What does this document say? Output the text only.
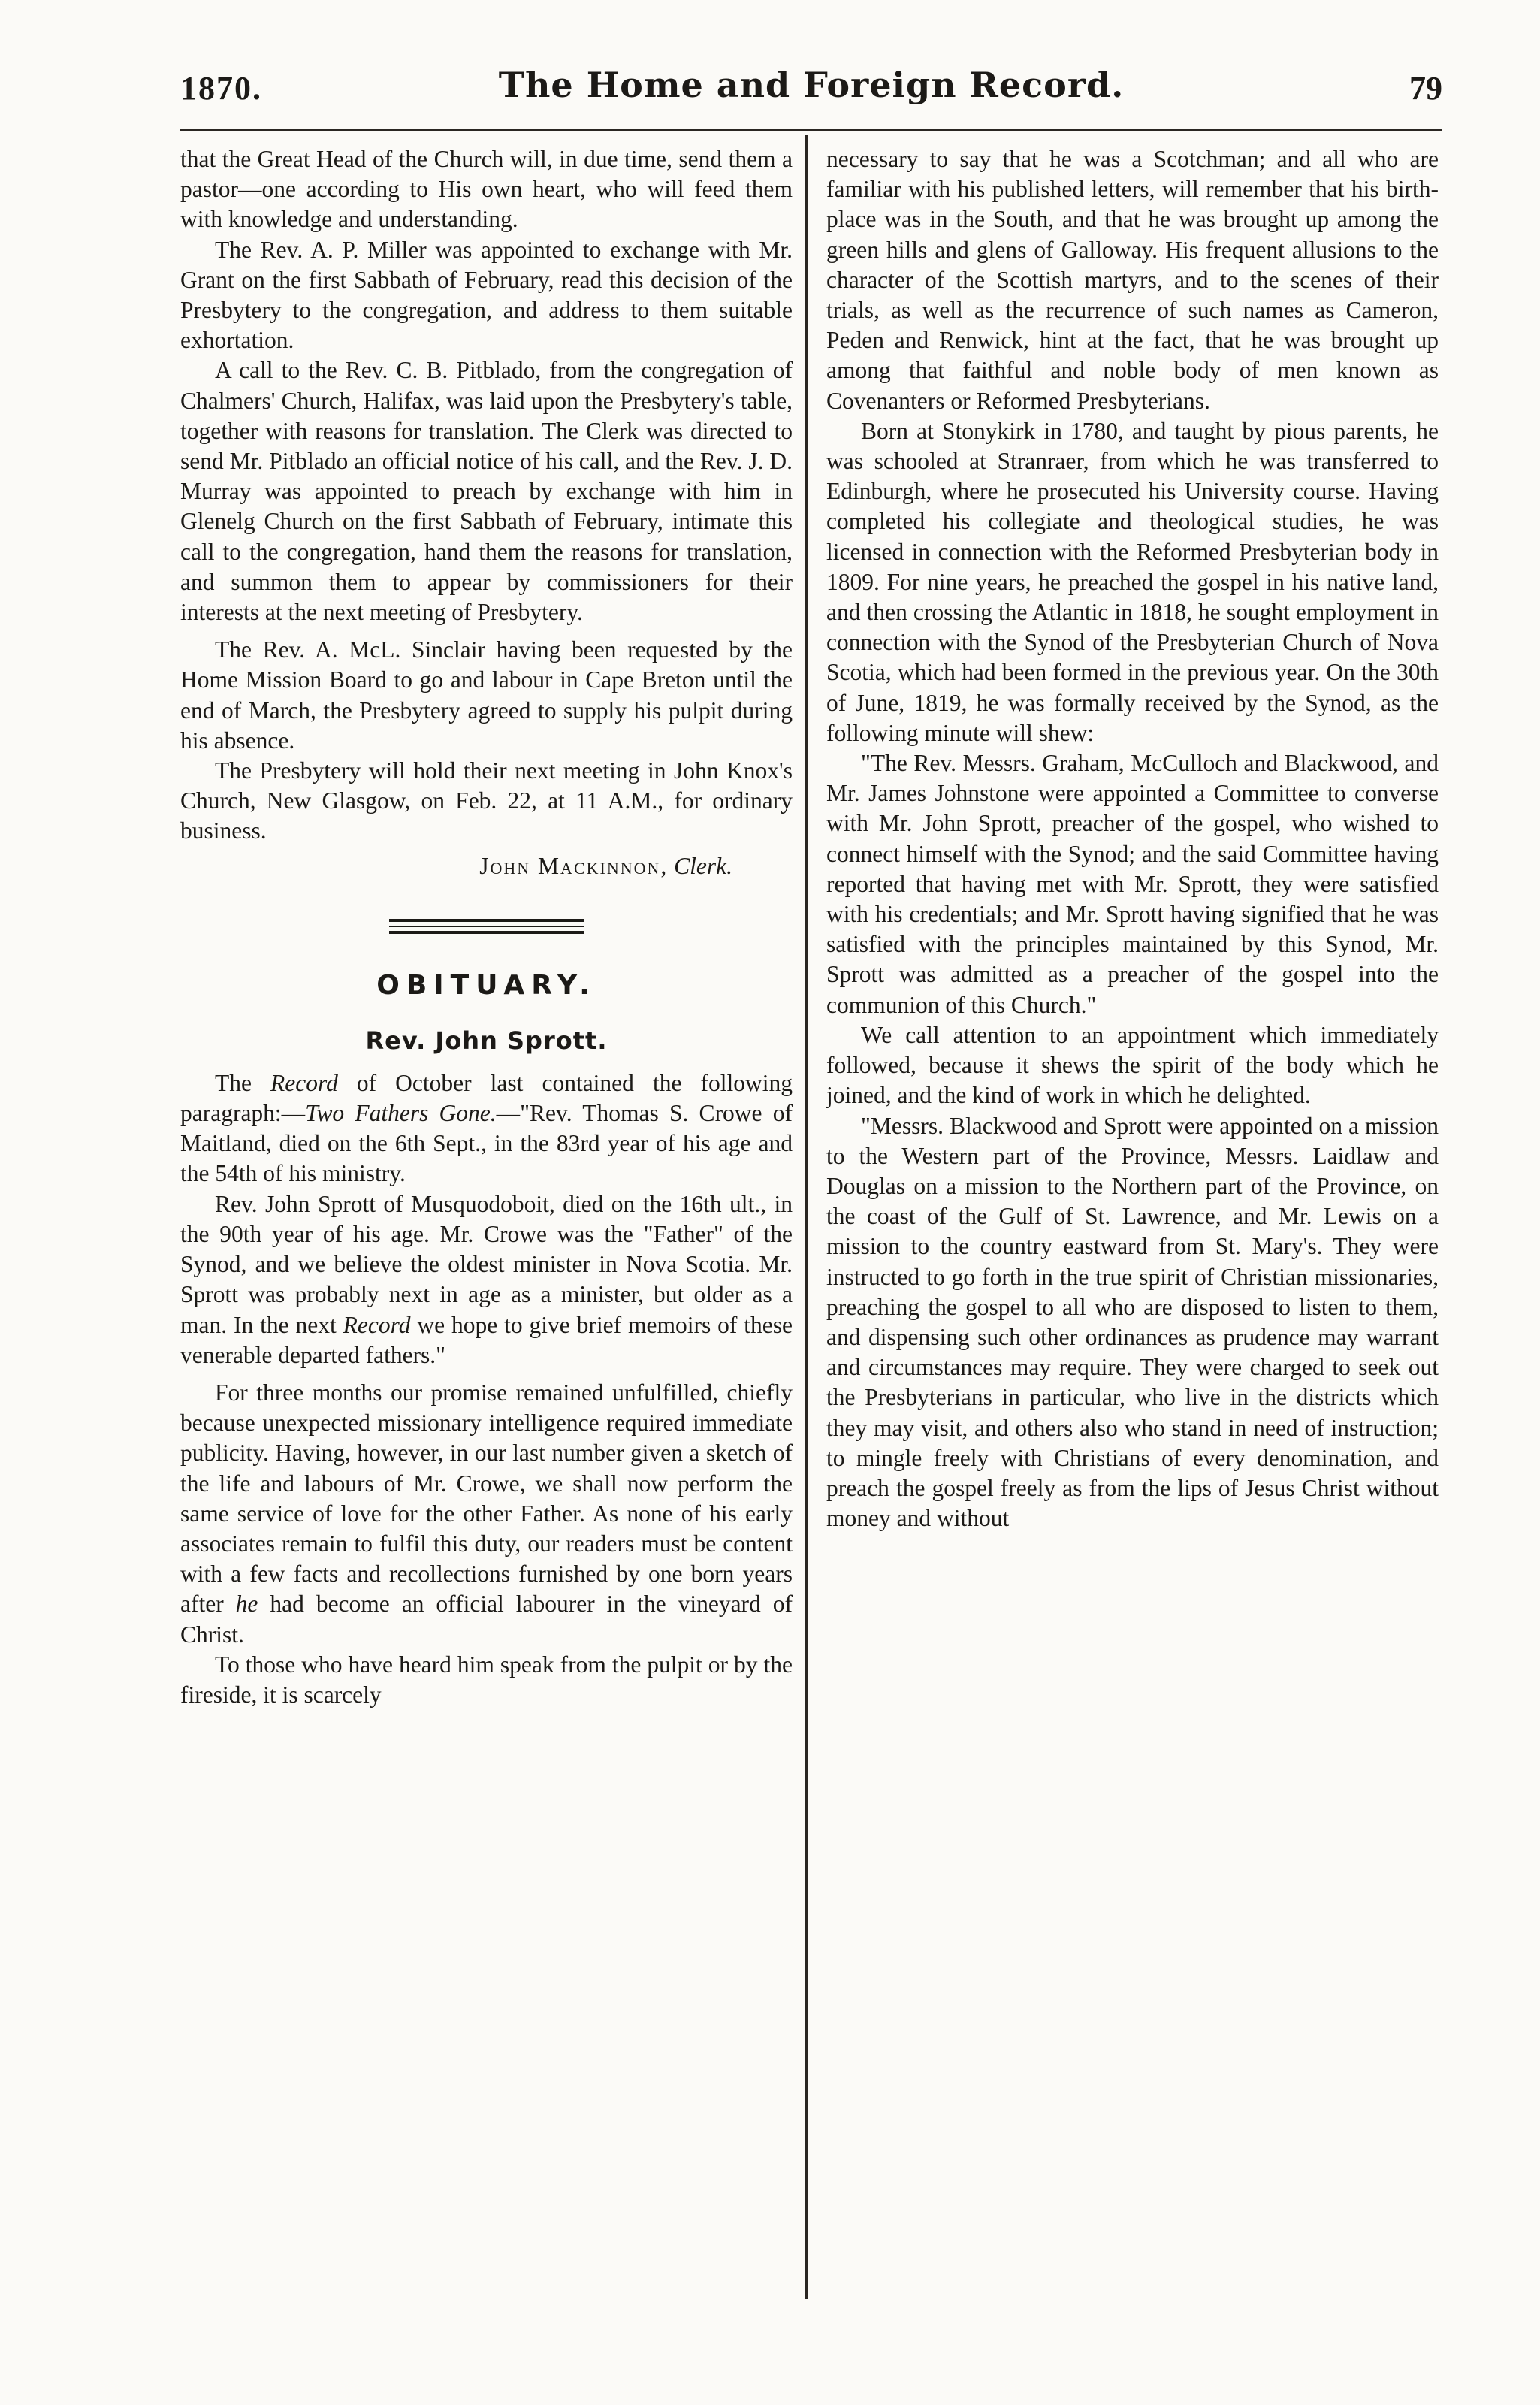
1870.	The Home and Foreign Record.	79

that the Great Head of the Church will, in due time, send them a pastor—one according to His own heart, who will feed them with knowledge and understanding.

The Rev. A. P. Miller was appointed to exchange with Mr. Grant on the first Sabbath of February, read this decision of the Presbytery to the congregation, and address to them suitable exhortation.

A call to the Rev. C. B. Pitblado, from the congregation of Chalmers' Church, Halifax, was laid upon the Presbytery's table, together with reasons for translation. The Clerk was directed to send Mr. Pitblado an official notice of his call, and the Rev. J. D. Murray was appointed to preach by exchange with him in Glenelg Church on the first Sabbath of February, intimate this call to the congregation, hand them the reasons for translation, and summon them to appear by commissioners for their interests at the next meeting of Presbytery.

The Rev. A. McL. Sinclair having been requested by the Home Mission Board to go and labour in Cape Breton until the end of March, the Presbytery agreed to supply his pulpit during his absence.

The Presbytery will hold their next meeting in John Knox's Church, New Glasgow, on Feb. 22, at 11 A.M., for ordinary business.

John Mackinnon, Clerk.
OBITUARY.
Rev. John Sprott.

The Record of October last contained the following paragraph:—Two Fathers Gone.—"Rev. Thomas S. Crowe of Maitland, died on the 6th Sept., in the 83rd year of his age and the 54th of his ministry.

Rev. John Sprott of Musquodoboit, died on the 16th ult., in the 90th year of his age. Mr. Crowe was the "Father" of the Synod, and we believe the oldest minister in Nova Scotia. Mr. Sprott was probably next in age as a minister, but older as a man. In the next Record we hope to give brief memoirs of these venerable departed fathers."

For three months our promise remained unfulfilled, chiefly because unexpected missionary intelligence required immediate publicity. Having, however, in our last number given a sketch of the life and labours of Mr. Crowe, we shall now perform the same service of love for the other Father. As none of his early associates remain to fulfil this duty, our readers must be content with a few facts and recollections furnished by one born years after he had become an official labourer in the vineyard of Christ.

To those who have heard him speak from the pulpit or by the fireside, it is scarcely

necessary to say that he was a Scotchman; and all who are familiar with his published letters, will remember that his birth-place was in the South, and that he was brought up among the green hills and glens of Galloway. His frequent allusions to the character of the Scottish martyrs, and to the scenes of their trials, as well as the recurrence of such names as Cameron, Peden and Renwick, hint at the fact, that he was brought up among that faithful and noble body of men known as Covenanters or Reformed Presbyterians.

Born at Stonykirk in 1780, and taught by pious parents, he was schooled at Stranraer, from which he was transferred to Edinburgh, where he prosecuted his University course. Having completed his collegiate and theological studies, he was licensed in connection with the Reformed Presbyterian body in 1809. For nine years, he preached the gospel in his native land, and then crossing the Atlantic in 1818, he sought employment in connection with the Synod of the Presbyterian Church of Nova Scotia, which had been formed in the previous year. On the 30th of June, 1819, he was formally received by the Synod, as the following minute will shew:

"The Rev. Messrs. Graham, McCulloch and Blackwood, and Mr. James Johnstone were appointed a Committee to converse with Mr. John Sprott, preacher of the gospel, who wished to connect himself with the Synod; and the said Committee having reported that having met with Mr. Sprott, they were satisfied with his credentials; and Mr. Sprott having signified that he was satisfied with the principles maintained by this Synod, Mr. Sprott was admitted as a preacher of the gospel into the communion of this Church."

We call attention to an appointment which immediately followed, because it shews the spirit of the body which he joined, and the kind of work in which he delighted.

"Messrs. Blackwood and Sprott were appointed on a mission to the Western part of the Province, Messrs. Laidlaw and Douglas on a mission to the Northern part of the Province, on the coast of the Gulf of St. Lawrence, and Mr. Lewis on a mission to the country eastward from St. Mary's. They were instructed to go forth in the true spirit of Christian missionaries, preaching the gospel to all who are disposed to listen to them, and dispensing such other ordinances as prudence may warrant and circumstances may require. They were charged to seek out the Presbyterians in particular, who live in the districts which they may visit, and others also who stand in need of instruction; to mingle freely with Christians of every denomination, and preach the gospel freely as from the lips of Jesus Christ without money and without
